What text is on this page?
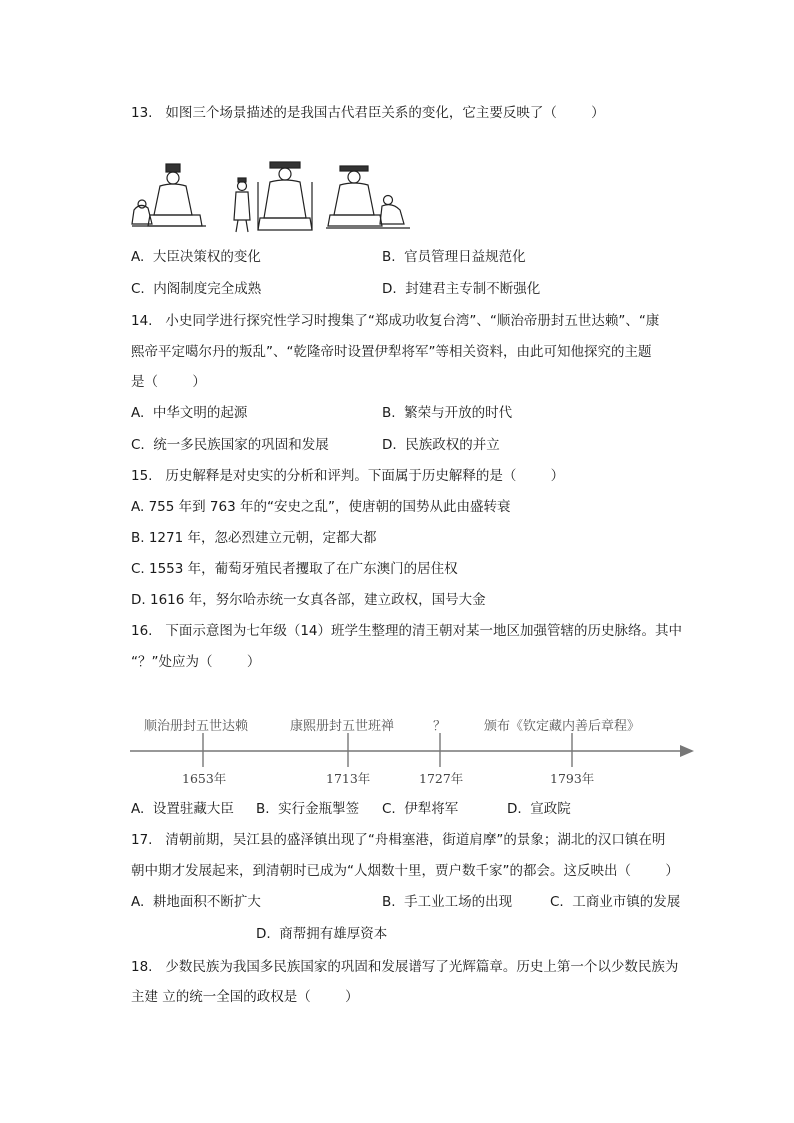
13.   如图三个场景描述的是我国古代君臣关系的变化，它主要反映了（        ）
A.  大臣决策权的变化	B.  官员管理日益规范化
C.  内阁制度完全成熟	D.  封建君主专制不断强化
14.   小史同学进行探究性学习时搜集了“郑成功收复台湾”、“顺治帝册封五世达赖”、“康
熙帝平定噶尔丹的叛乱”、“乾隆帝时设置伊犁将军”等相关资料，由此可知他探究的主题
是（        ）
A.  中华文明的起源	B.  繁荣与开放的时代
C.  统一多民族国家的巩固和发展	D.  民族政权的并立
15.   历史解释是对史实的分析和评判。下面属于历史解释的是（        ）
A. 755 年到 763 年的“安史之乱”，使唐朝的国势从此由盛转衰
B. 1271 年，忽必烈建立元朝，定都大都
C. 1553 年，葡萄牙殖民者攫取了在广东澳门的居住权
D. 1616 年，努尔哈赤统一女真各部，建立政权，国号大金
16.   下面示意图为七年级（14）班学生整理的清王朝对某一地区加强管辖的历史脉络。其中
“？”处应为（        ）
顺治册封五世达赖	康熙册封五世班禅	？	颁布《钦定藏内善后章程》
1653年	1713年	1727年	1793年
A.  设置驻藏大臣 B.  实行金瓶掣签 C.  伊犁将军	D.  宣政院
17.   清朝前期，吴江县的盛泽镇出现了“舟楫塞港，街道肩摩”的景象；湖北的汉口镇在明
朝中期才发展起来，到清朝时已成为“人烟数十里，贾户数千家”的都会。这反映出（        ）
A.  耕地面积不断扩大	B.  手工业工场的出现	C.  工商业市镇的发展
D.  商帮拥有雄厚资本
18.   少数民族为我国多民族国家的巩固和发展谱写了光辉篇章。历史上第一个以少数民族为
主建 立的统一全国的政权是（        ）
